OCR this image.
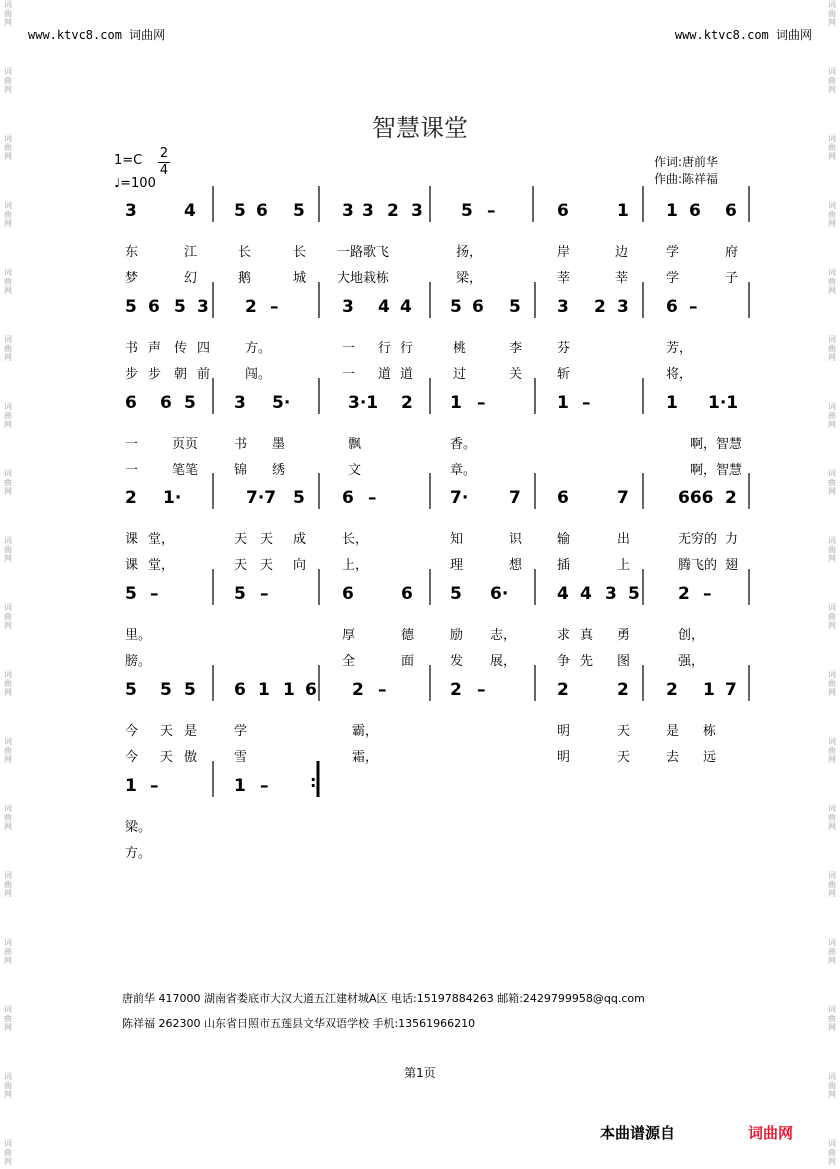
词
曲
网
词
曲
网
词
曲
网
词
曲
网
词
曲
网
词
曲
网
词
曲
网
词
曲
网
词
曲
网
词
曲
网
词
曲
网
词
曲
网
词
曲
网
词
曲
网
词
曲
网
词
曲
网
词
曲
网
词
曲
网
词
曲
网
词
曲
网
词
曲
网
词
曲
网
词
曲
网
词
曲
网
词
曲
网
词
曲
网
词
曲
网
词
曲
网
词
曲
网
词
曲
网
词
曲
网
词
曲
网
词
曲
网
词
曲
网
词
曲
网
词
曲
网
www.ktvc8.com 词曲网	www.ktvc8.com 词曲网
智慧课堂
1=C 2
4
♩=100
作词:唐前华
作曲:陈祥福
3	4 5 6 5 3 3 2 3 5 –	6	1 1 6 6
东	江	长	长 一路歌飞	扬，	岸	边	学	府
梦	幻	鹅	城 大地栽栋	梁，	莘	莘	学	子
5 6 5 3 2 –	3 4 4 5 6 5 3 2 3 6 –
书 声 传 四	方。	一 行 行	桃	李	芬	芳，
步 步 朝 前	闯。	一 道 道	过	关	斩	将，
6 6 5 3 5·	3·1 2 1 –	1 –	1 1·1
一	页页	书 墨	飘	香。	啊，智慧
一	笔笔	锦 绣	文	章。	啊，智慧
2 1·	7·7 5 6 –	7· 7 6	7	666 2
课 堂，	天 天 成	长，	知	识	输	出	无穷的 力
课 堂，	天 天 向	上，	理	想	插	上	腾飞的 翅
5 –	5 –	6	6 5 6·	4 4 3 5 2 –
里。	厚	德	励 志，	求 真 勇	创，
膀。	全	面	发 展，	争 先 图	强，
5 5 5 6 1 1 6 2 –	2 –	2	2 2 1 7
今 天 是	学	霸，	明	天	是 栋
今 天 傲	雪	霜，	明	天	去 远
1 –	1 –	:
梁。
方。
唐前华 417000 湖南省娄底市大汉大道五江建材城A区 电话:15197884263 邮箱:2429799958@qq.com
陈祥福 262300 山东省日照市五莲县文华双语学校 手机:13561966210
第1页
本曲谱源自	词曲网
